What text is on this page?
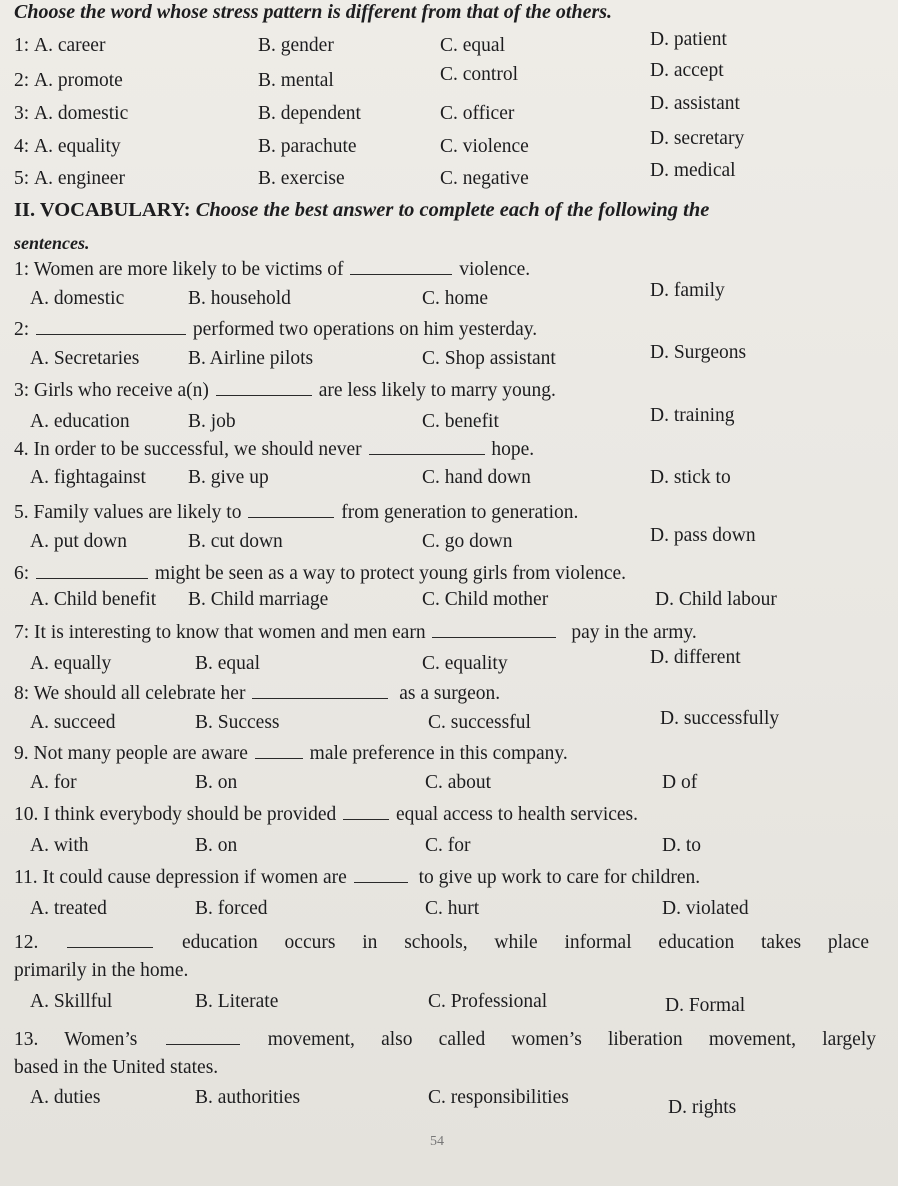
Choose the word whose stress pattern is different from that of the others.
1: A. career	B. gender	C. equal	D. patient
2: A. promote	B. mental	C. control	D. accept
3: A. domestic	B. dependent	C. officer	D. assistant
4: A. equality	B. parachute	C. violence	D. secretary
5: A. engineer	B. exercise	C. negative	D. medical
II. VOCABULARY: Choose the best answer to complete each of the following the
sentences.
1: Women are more likely to be victims of	violence.
A. domestic	B. household	C. home	D. family
2:	performed two operations on him yesterday.
A. Secretaries B. Airline pilots	C. Shop assistant	D. Surgeons
3: Girls who receive a(n)	are less likely to marry young.
A. education	B. job	C. benefit	D. training
4. In order to be successful, we should never	hope.
A. fightagainst B. give up	C. hand down	D. stick to
5. Family values are likely to	from generation to generation.
A. put down	B. cut down	C. go down	D. pass down
6:	might be seen as a way to protect young girls from violence.
A. Child benefit B. Child marriage	C. Child mother	D. Child labour
7: It is interesting to know that women and men earn	pay in the army.
A. equally	B. equal	C. equality	D. different
8: We should all celebrate her	as a surgeon.
A. succeed	B. Success	C. successful	D. successfully
9. Not many people are aware	male preference in this company.
A. for	B. on	C. about	D of
10. I think everybody should be provided	equal access to health services.
A. with	B. on	C. for	D. to
11. It could cause depression if women are	to give up work to care for children.
A. treated	B. forced	C. hurt	D. violated
12.	education occurs in schools, while informal education takes place
primarily in the home.
A. Skillful	B. Literate	C. Professional	D. Formal
13. Women’s	movement, also called women’s liberation movement, largely
based in the United states.
A. duties	B. authorities	C. responsibilities	D. rights
54
